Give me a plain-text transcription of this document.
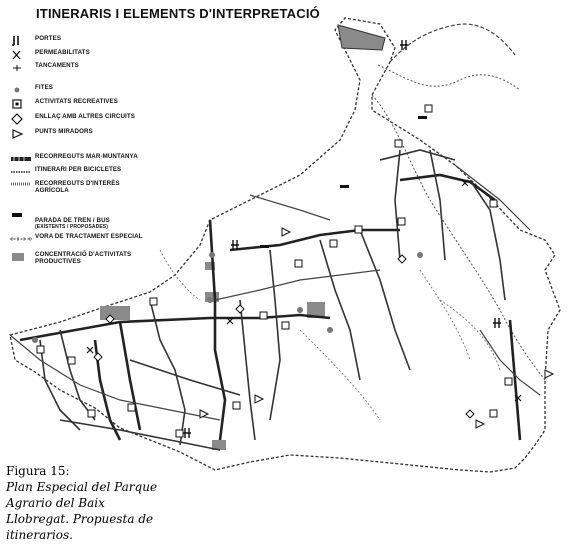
ITINERARIS I ELEMENTS D'INTERPRETACIÓ
PORTES
PERMEABILITATS
TANCAMENTS
FITES
ACTIVITATS RECREATIVES
ENLLAÇ AMB ALTRES CIRCUITS
PUNTS MIRADORS
RECORREGUTS MAR-MUNTANYA
ITINERARI PER BICICLETES
RECORREGUTS D'INTERÈS
AGRÍCOLA

PARADA DE TREN / BUS

(EXISTENTS / PROPOSADES)

VORA DE TRACTAMENT ESPECIAL
CONCENTRACIÓ D'ACTIVITATS
PRODUCTIVES
Figura 15:
Plan Especial del Parque Agrario del Baix Llobregat. Propuesta de itinerarios.
